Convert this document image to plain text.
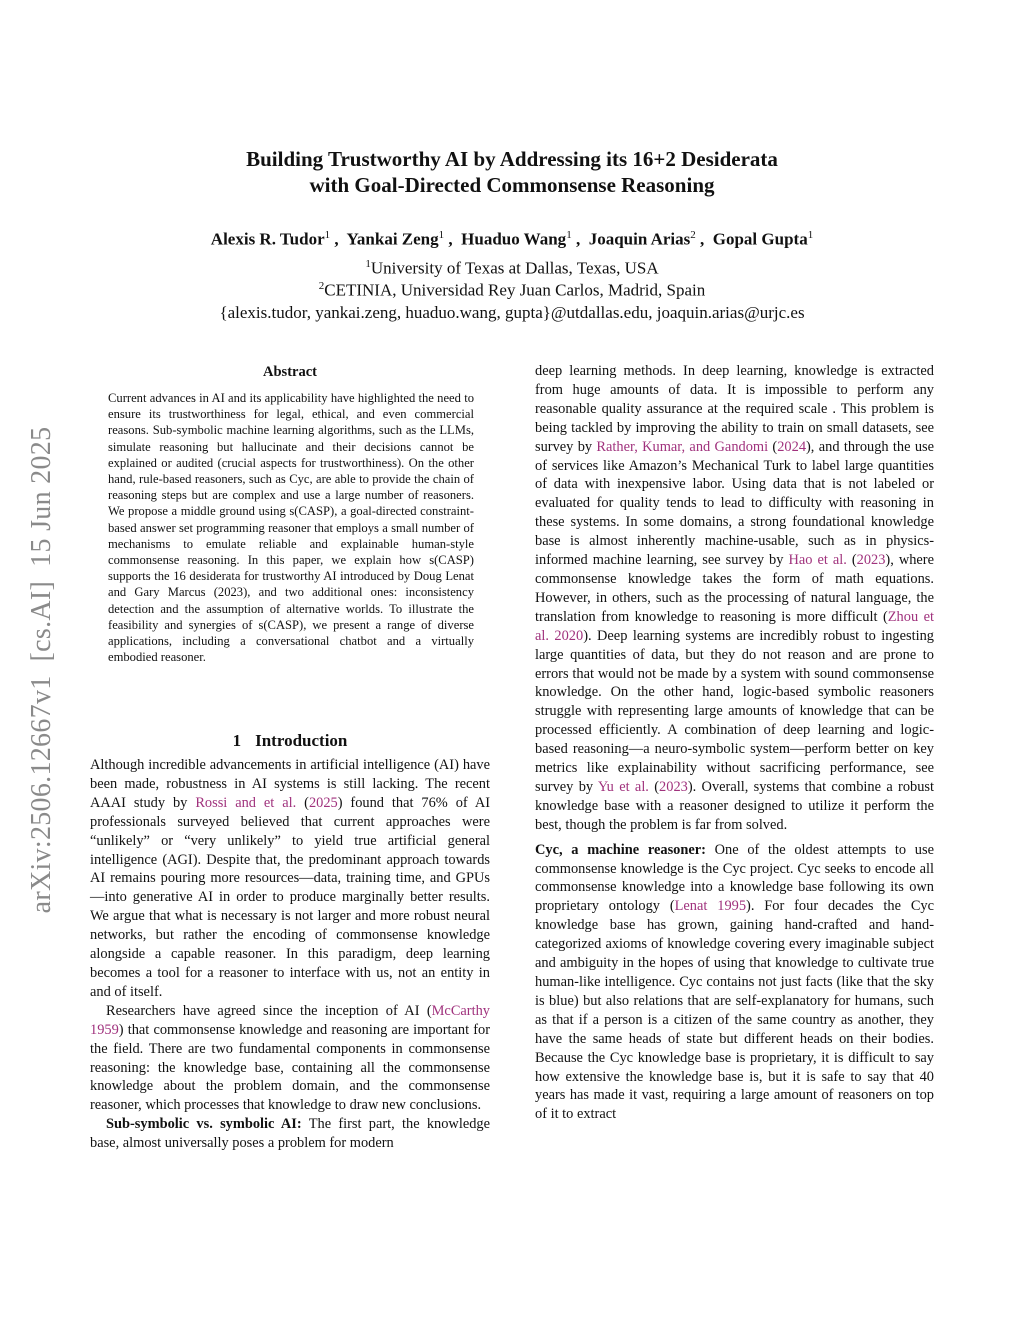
Building Trustworthy AI by Addressing its 16+2 Desiderata
with Goal-Directed Commonsense Reasoning
Alexis R. Tudor$^1$ ,  Yankai Zeng$^1$ ,  Huaduo Wang$^1$ ,  Joaquin Arias$^2$ ,  Gopal Gupta$^1$
$^1$University of Texas at Dallas, Texas, USA
$^2$CETINIA, Universidad Rey Juan Carlos, Madrid, Spain
{alexis.tudor, yankai.zeng, huaduo.wang, gupta}@utdallas.edu, joaquin.arias@urjc.es
arXiv:2506.12667v1[cs.AI]15 Jun 2025
Abstract

Current advances in AI and its applicability have highlighted the need to ensure its trustworthiness for legal, ethical, and even commercial reasons. Sub-symbolic machine learning algorithms, such as the LLMs, simulate reasoning but hallucinate and their decisions cannot be explained or audited (crucial aspects for trustworthiness). On the other hand, rule-based reasoners, such as Cyc, are able to provide the chain of reasoning steps but are complex and use a large number of reasoners. We propose a middle ground using s(CASP), a goal-directed constraint-based answer set programming reasoner that employs a small number of mechanisms to emulate reliable and explainable human-style commonsense reasoning. In this paper, we explain how s(CASP) supports the 16 desiderata for trustworthy AI introduced by Doug Lenat and Gary Marcus (2023), and two additional ones: inconsistency detection and the assumption of alternative worlds. To illustrate the feasibility and synergies of s(CASP), we present a range of diverse applications, including a conversational chatbot and a virtually embodied reasoner.

1 Introduction

Although incredible advancements in artificial intelligence (AI) have been made, robustness in AI systems is still lacking. The recent AAAI study by Rossi and et al. (2025) found that 76% of AI professionals surveyed believed that current approaches were “unlikely” or “very unlikely” to yield true artificial general intelligence (AGI). Despite that, the predominant approach towards AI remains pouring more resources—data, training time, and GPUs—into generative AI in order to produce marginally better results. We argue that what is necessary is not larger and more robust neural networks, but rather the encoding of commonsense knowledge alongside a capable reasoner. In this paradigm, deep learning becomes a tool for a reasoner to interface with us, not an entity in and of itself.

Researchers have agreed since the inception of AI (McCarthy 1959) that commonsense knowledge and reasoning are important for the field. There are two fundamental components in commonsense reasoning: the knowledge base, containing all the commonsense knowledge about the problem domain, and the commonsense reasoner, which processes that knowledge to draw new conclusions.

Sub-symbolic vs. symbolic AI: The first part, the knowledge base, almost universally poses a problem for modern

deep learning methods. In deep learning, knowledge is extracted from huge amounts of data. It is impossible to perform any reasonable quality assurance at the required scale . This problem is being tackled by improving the ability to train on small datasets, see survey by Rather, Kumar, and Gandomi (2024), and through the use of services like Amazon’s Mechanical Turk to label large quantities of data with inexpensive labor. Using data that is not labeled or evaluated for quality tends to lead to difficulty with reasoning in these systems. In some domains, a strong foundational knowledge base is almost inherently machine-usable, such as in physics-informed machine learning, see survey by Hao et al. (2023), where commonsense knowledge takes the form of math equations. However, in others, such as the processing of natural language, the translation from knowledge to reasoning is more difficult (Zhou et al. 2020). Deep learning systems are incredibly robust to ingesting large quantities of data, but they do not reason and are prone to errors that would not be made by a system with sound commonsense knowledge. On the other hand, logic-based symbolic reasoners struggle with representing large amounts of knowledge that can be processed efficiently. A combination of deep learning and logic-based reasoning—a neuro-symbolic system—perform better on key metrics like explainability without sacrificing performance, see survey by Yu et al. (2023). Overall, systems that combine a robust knowledge base with a reasoner designed to utilize it perform the best, though the problem is far from solved.

Cyc, a machine reasoner: One of the oldest attempts to use commonsense knowledge is the Cyc project. Cyc seeks to encode all commonsense knowledge into a knowledge base following its own proprietary ontology (Lenat 1995). For four decades the Cyc knowledge base has grown, gaining hand-crafted and hand-categorized axioms of knowledge covering every imaginable subject and ambiguity in the hopes of using that knowledge to cultivate true human-like intelligence. Cyc contains not just facts (like that the sky is blue) but also relations that are self-explanatory for humans, such as that if a person is a citizen of the same country as another, they have the same heads of state but different heads on their bodies. Because the Cyc knowledge base is proprietary, it is difficult to say how extensive the knowledge base is, but it is safe to say that 40 years has made it vast, requiring a large amount of reasoners on top of it to extract
